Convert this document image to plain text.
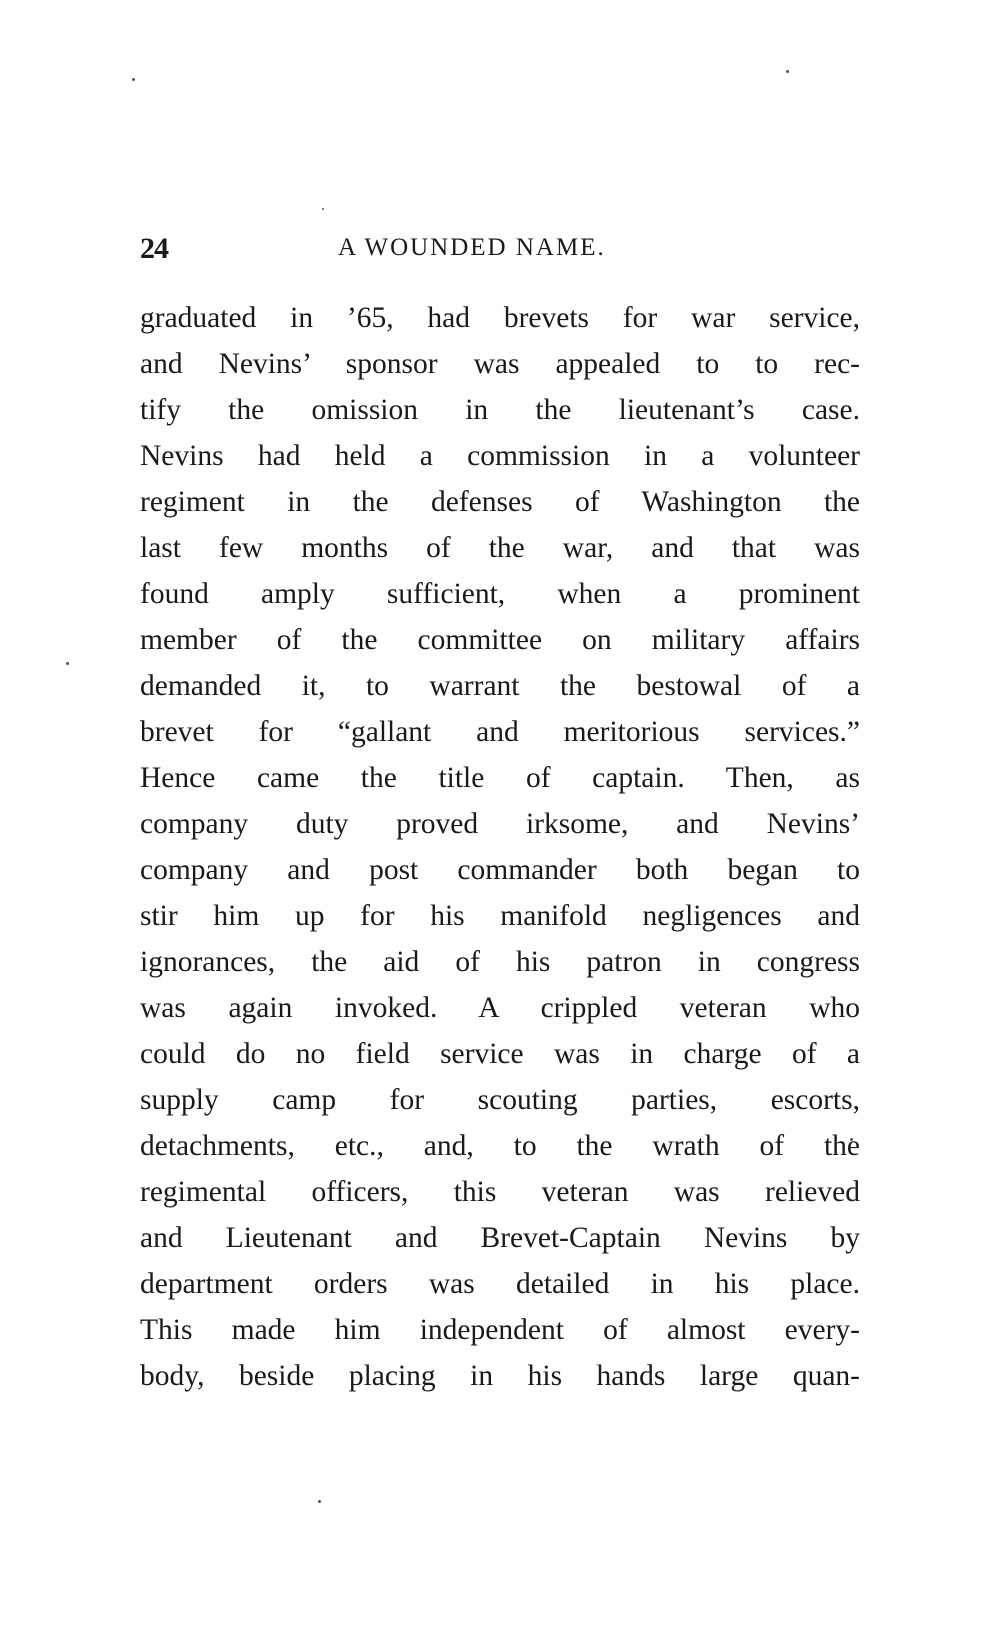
24	A WOUNDED NAME.
graduated in ’65, had brevets for war service,
and Nevins’ sponsor was appealed to to rec-
tify the omission in the lieutenant’s case.
Nevins had held a commission in a volunteer
regiment in the defenses of Washington the
last few months of the war, and that was
found amply sufficient, when a prominent
member of the committee on military affairs
demanded it, to warrant the bestowal of a
brevet for “gallant and meritorious services.”
Hence came the title of captain. Then, as
company duty proved irksome, and Nevins’
company and post commander both began to
stir him up for his manifold negligences and
ignorances, the aid of his patron in congress
was again invoked. A crippled veteran who
could do no field service was in charge of a
supply camp for scouting parties, escorts,
detachments, etc., and, to the wrath of the
regimental officers, this veteran was relieved
and Lieutenant and Brevet-Captain Nevins by
department orders was detailed in his place.
This made him independent of almost every-
body, beside placing in his hands large quan-
